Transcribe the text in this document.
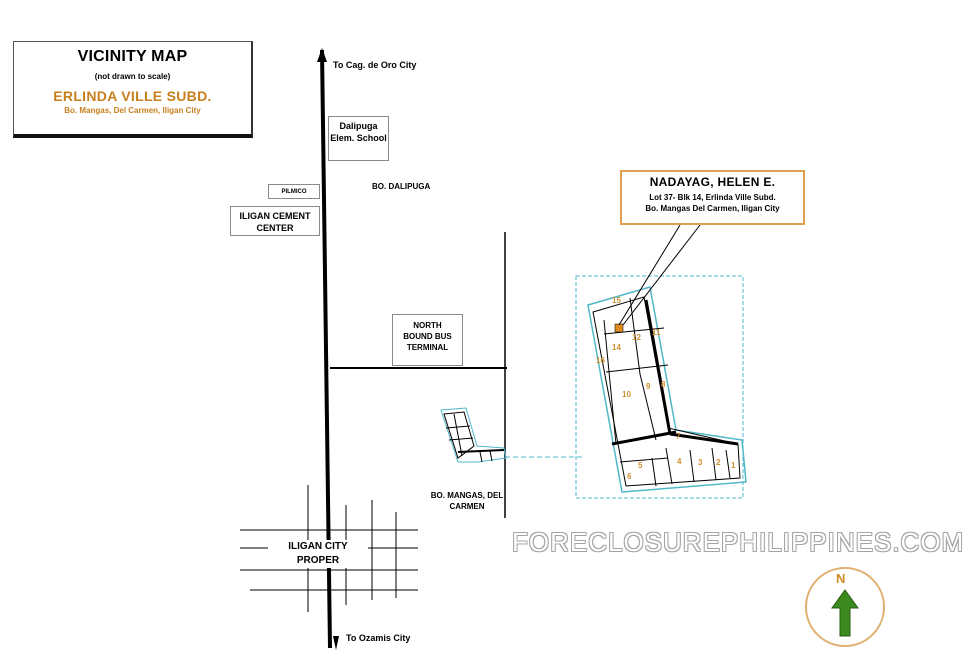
VICINITY MAP
(not drawn to scale)
ERLINDA VILLE SUBD.
Bo. Mangas, Del Carmen, Iligan City
To Cag. de Oro City
To Ozamis City
Dalipuga Elem. School
PILMICO
ILIGAN CEMENT CENTER
BO. DALIPUGA
NORTH BOUND BUS TERMINAL
BO. MANGAS, DEL CARMEN
ILIGAN CITY PROPER
NADAYAG, HELEN E.
Lot 37- Blk 14, Erlinda Ville Subd.
Bo. Mangas Del Carmen, Iligan City
15
14
12
11
16
10
9 8
7
6
5	4 3 2 1
FORECLOSUREPHILIPPINES.COM
N
